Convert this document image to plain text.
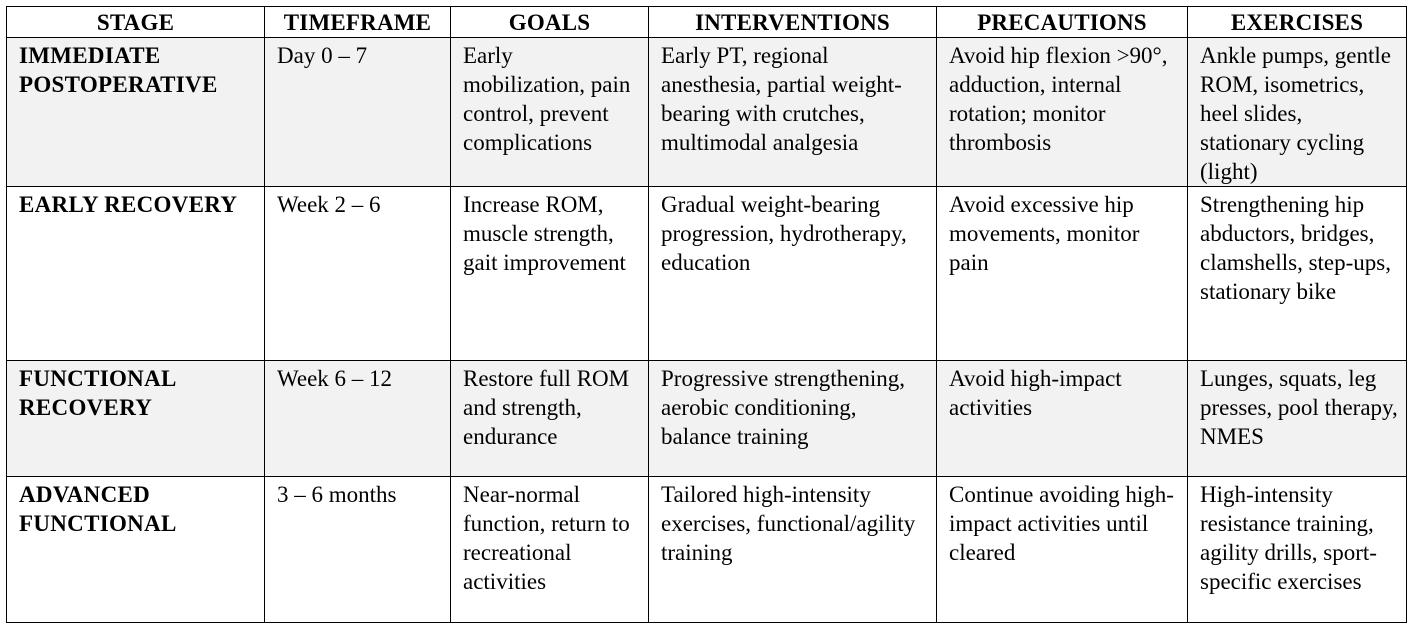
STAGE	TIMEFRAME	GOALS	INTERVENTIONS	PRECAUTIONS	EXERCISES
IMMEDIATE POSTOPERATIVE	Day 0 – 7	Early mobilization, pain control, prevent complications	Early PT, regional anesthesia, partial weight-bearing with crutches, multimodal analgesia	Avoid hip flexion >90°, adduction, internal rotation; monitor thrombosis	Ankle pumps, gentle ROM, isometrics, heel slides, stationary cycling (light)
EARLY RECOVERY	Week 2 – 6	Increase ROM, muscle strength, gait improvement	Gradual weight-bearing progression, hydrotherapy, education	Avoid excessive hip movements, monitor pain	Strengthening hip abductors, bridges, clamshells, step-ups, stationary bike
FUNCTIONAL RECOVERY	Week 6 – 12	Restore full ROM and strength, endurance	Progressive strengthening, aerobic conditioning, balance training	Avoid high-impact activities	Lunges, squats, leg presses, pool therapy, NMES
ADVANCED FUNCTIONAL	3 – 6 months	Near-normal function, return to recreational activities	Tailored high-intensity exercises, functional/agility training	Continue avoiding high-impact activities until cleared	High-intensity resistance training, agility drills, sport-specific exercises
